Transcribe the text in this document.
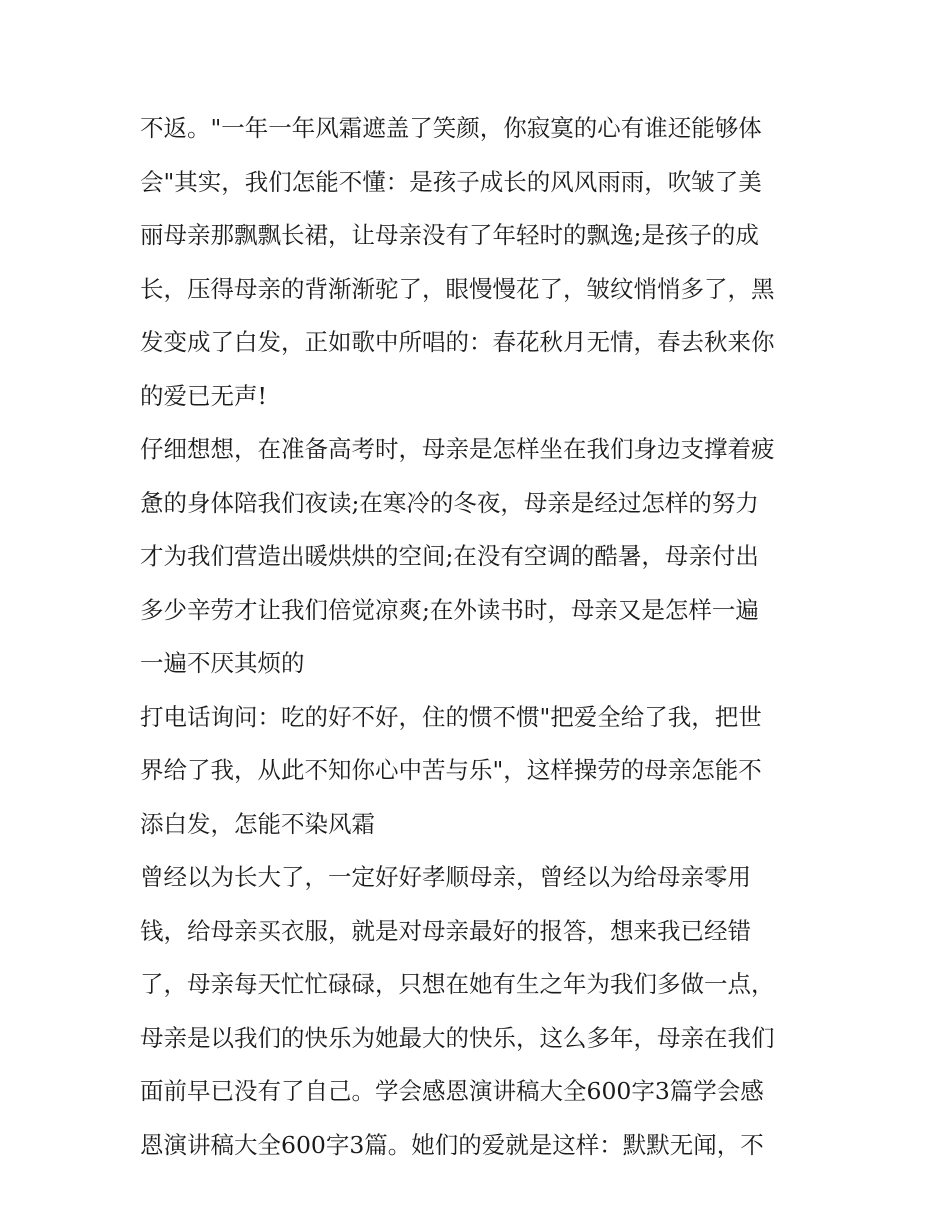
不返。"一年一年风霜遮盖了笑颜，你寂寞的心有谁还能够体
会"其实，我们怎能不懂：是孩子成长的风风雨雨，吹皱了美
丽母亲那飘飘长裙，让母亲没有了年轻时的飘逸;是孩子的成
长，压得母亲的背渐渐驼了，眼慢慢花了，皱纹悄悄多了，黑
发变成了白发，正如歌中所唱的：春花秋月无情，春去秋来你
的爱已无声!
仔细想想，在准备高考时，母亲是怎样坐在我们身边支撑着疲
惫的身体陪我们夜读;在寒冷的冬夜，母亲是经过怎样的努力
才为我们营造出暖烘烘的空间;在没有空调的酷暑，母亲付出
多少辛劳才让我们倍觉凉爽;在外读书时，母亲又是怎样一遍
一遍不厌其烦的
打电话询问：吃的好不好，住的惯不惯"把爱全给了我，把世
界给了我，从此不知你心中苦与乐"，这样操劳的母亲怎能不
添白发，怎能不染风霜
曾经以为长大了，一定好好孝顺母亲，曾经以为给母亲零用
钱，给母亲买衣服，就是对母亲最好的报答，想来我已经错
了，母亲每天忙忙碌碌，只想在她有生之年为我们多做一点，
母亲是以我们的快乐为她最大的快乐，这么多年，母亲在我们
面前早已没有了自己。学会感恩演讲稿大全600字3篇学会感
恩演讲稿大全600字3篇。她们的爱就是这样：默默无闻，不
